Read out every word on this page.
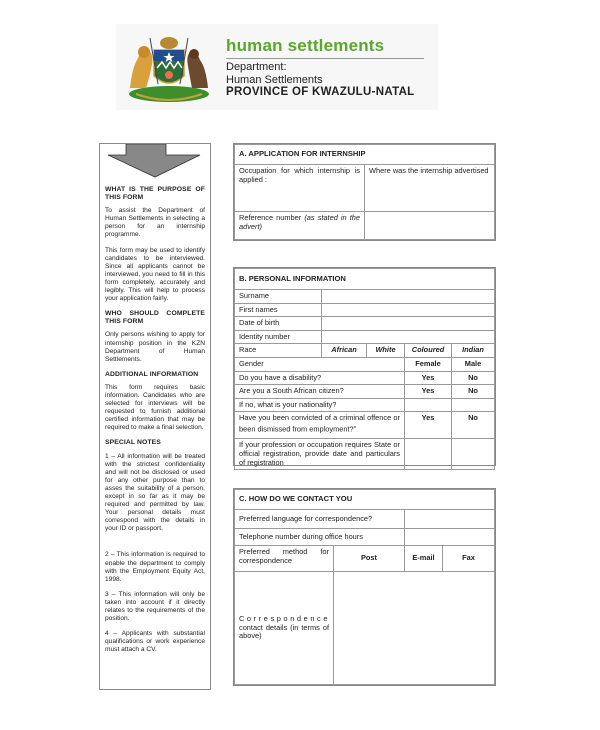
human settlements
Department:
Human Settlements
PROVINCE OF KWAZULU-NATAL
WHAT IS THE PURPOSE OF THIS FORM
To assist the Department of Human Settlements in selecting a person for an internship programme.
This form may be used to identify candidates to be interviewed. Since all applicants cannot be interviewed, you need to fill in this form completely, accurately and legibly. This will help to process your application fairly.
WHO SHOULD COMPLETE THIS FORM
Only persons wishing to apply for internship position in the KZN Department of Human Settlements.
ADDITIONAL INFORMATION
This form requires basic information. Candidates who are selected for interviews will be requested to furnish additional certified information that may be required to make a final selection.
SPECIAL NOTES
1 – All information will be treated with the strictest confidentiality and will not be disclosed or used for any other purpose than to asses the suitability of a person, except in so far as it may be required and permitted by law. Your personal details must correspond with the details in your ID or passport.
2 – This information is required to enable the department to comply with the Employment Equity Act, 1998.
3 – This information will only be taken into account if it directly relates to the requirements of the position.
4 – Applicants with substantial qualifications or work experience must attach a CV.
A. APPLICATION FOR INTERNSHIP	
Occupation for which internship is applied :	Where was the internship advertised
Reference number (as stated in the advert)	
B. PERSONAL INFORMATION				
Surname				
First names				
Date of birth				
Identity number				
Race	African	White	Coloured	Indian
Gender			Female	Male
Do you have a disability?			Yes	No
Are you a South African citizen?			Yes	No
If no, what is your nationality?				
Have you been convicted of a criminal offence or been dismissed from employment?$^a$			Yes	No
If your profession or occupation requires State or official registration, provide date and particulars of registration				
C. HOW DO WE CONTACT YOU			
Preferred language for correspondence?			
Telephone number during office hours			
Preferred method for correspondence	Post	E-mail	Fax

Correspondence
contact details (in terms of above)			
